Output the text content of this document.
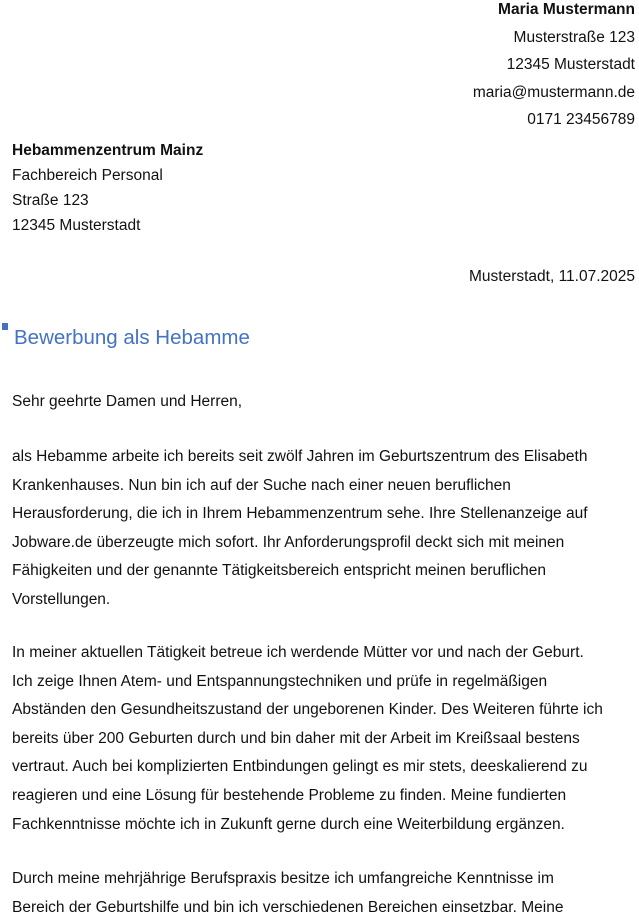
Maria Mustermann
Musterstraße 123
12345 Musterstadt
maria@mustermann.de
0171 23456789
Hebammenzentrum Mainz
Fachbereich Personal
Straße 123
12345 Musterstadt
Musterstadt, 11.07.2025
Bewerbung als Hebamme
Sehr geehrte Damen und Herren,
als Hebamme arbeite ich bereits seit zwölf Jahren im Geburtszentrum des Elisabeth
Krankenhauses. Nun bin ich auf der Suche nach einer neuen beruflichen
Herausforderung, die ich in Ihrem Hebammenzentrum sehe. Ihre Stellenanzeige auf
Jobware.de überzeugte mich sofort. Ihr Anforderungsprofil deckt sich mit meinen
Fähigkeiten und der genannte Tätigkeitsbereich entspricht meinen beruflichen
Vorstellungen.
In meiner aktuellen Tätigkeit betreue ich werdende Mütter vor und nach der Geburt.
Ich zeige Ihnen Atem- und Entspannungstechniken und prüfe in regelmäßigen
Abständen den Gesundheitszustand der ungeborenen Kinder. Des Weiteren führte ich
bereits über 200 Geburten durch und bin daher mit der Arbeit im Kreißsaal bestens
vertraut. Auch bei komplizierten Entbindungen gelingt es mir stets, deeskalierend zu
reagieren und eine Lösung für bestehende Probleme zu finden. Meine fundierten
Fachkenntnisse möchte ich in Zukunft gerne durch eine Weiterbildung ergänzen.
Durch meine mehrjährige Berufspraxis besitze ich umfangreiche Kenntnisse im
Bereich der Geburtshilfe und bin ich verschiedenen Bereichen einsetzbar. Meine
